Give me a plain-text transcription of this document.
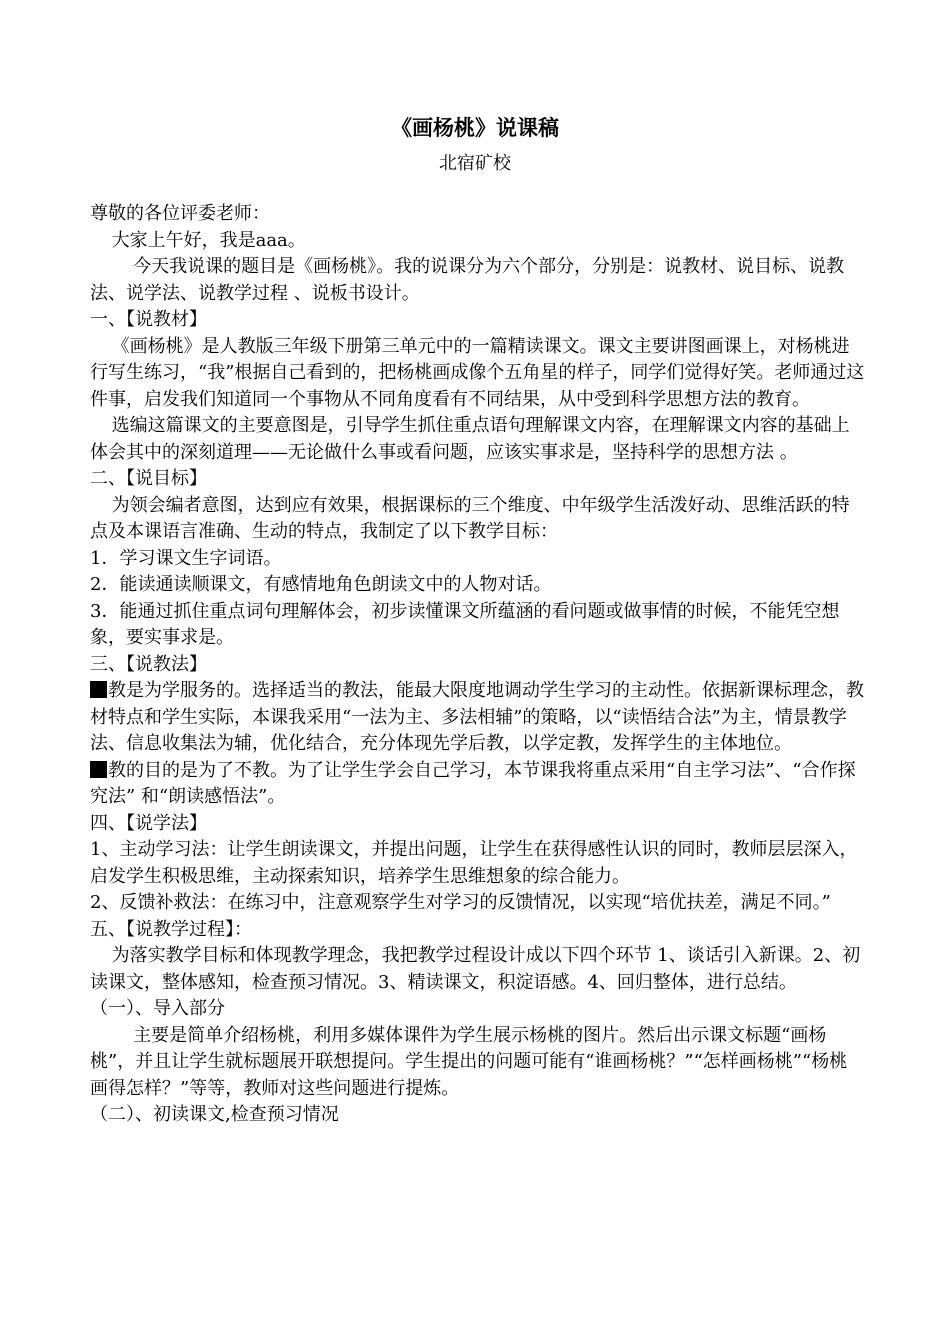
《画杨桃》说课稿
北宿矿校

尊敬的各位评委老师：

大家上午好，我是aaa。

今天我说课的题目是《画杨桃》。我的说课分为六个部分，分别是：说教材、说目标、说教法、说学法、说教学过程 、说板书设计。

一、【说教材】

《画杨桃》是人教版三年级下册第三单元中的一篇精读课文。课文主要讲图画课上，对杨桃进行写生练习，“我”根据自己看到的，把杨桃画成像个五角星的样子，同学们觉得好笑。老师通过这件事，启发我们知道同一个事物从不同角度看有不同结果，从中受到科学思想方法的教育。

选编这篇课文的主要意图是，引导学生抓住重点语句理解课文内容，在理解课文内容的基础上体会其中的深刻道理——无论做什么事或看问题，应该实事求是，坚持科学的思想方法 。

二、【说目标】

为领会编者意图，达到应有效果，根据课标的三个维度、中年级学生活泼好动、思维活跃的特点及本课语言准确、生动的特点，我制定了以下教学目标：

1．学习课文生字词语。

2．能读通读顺课文，有感情地角色朗读文中的人物对话。

3．能通过抓住重点词句理解体会，初步读懂课文所蕴涵的看问题或做事情的时候，不能凭空想象，要实事求是。

三、【说教法】

教是为学服务的。选择适当的教法，能最大限度地调动学生学习的主动性。依据新课标理念，教材特点和学生实际，本课我采用“一法为主、多法相辅”的策略，以“读悟结合法”为主，情景教学法、信息收集法为辅，优化结合，充分体现先学后教，以学定教，发挥学生的主体地位。

教的目的是为了不教。为了让学生学会自己学习，本节课我将重点采用“自主学习法”、“合作探究法” 和“朗读感悟法”。

四、【说学法】

1、主动学习法：让学生朗读课文，并提出问题，让学生在获得感性认识的同时，教师层层深入，启发学生积极思维，主动探索知识，培养学生思维想象的综合能力。

2、反馈补救法：在练习中，注意观察学生对学习的反馈情况，以实现“培优扶差，满足不同。”

五、【说教学过程】：

为落实教学目标和体现教学理念，我把教学过程设计成以下四个环节 1、谈话引入新课。2、初读课文，整体感知，检查预习情况。3、精读课文，积淀语感。4、回归整体，进行总结。

（一）、导入部分

主要是简单介绍杨桃，利用多媒体课件为学生展示杨桃的图片。然后出示课文标题“画杨桃”，并且让学生就标题展开联想提问。学生提出的问题可能有“谁画杨桃？”“怎样画杨桃”“杨桃画得怎样？”等等，教师对这些问题进行提炼。

（二）、初读课文,检查预习情况
